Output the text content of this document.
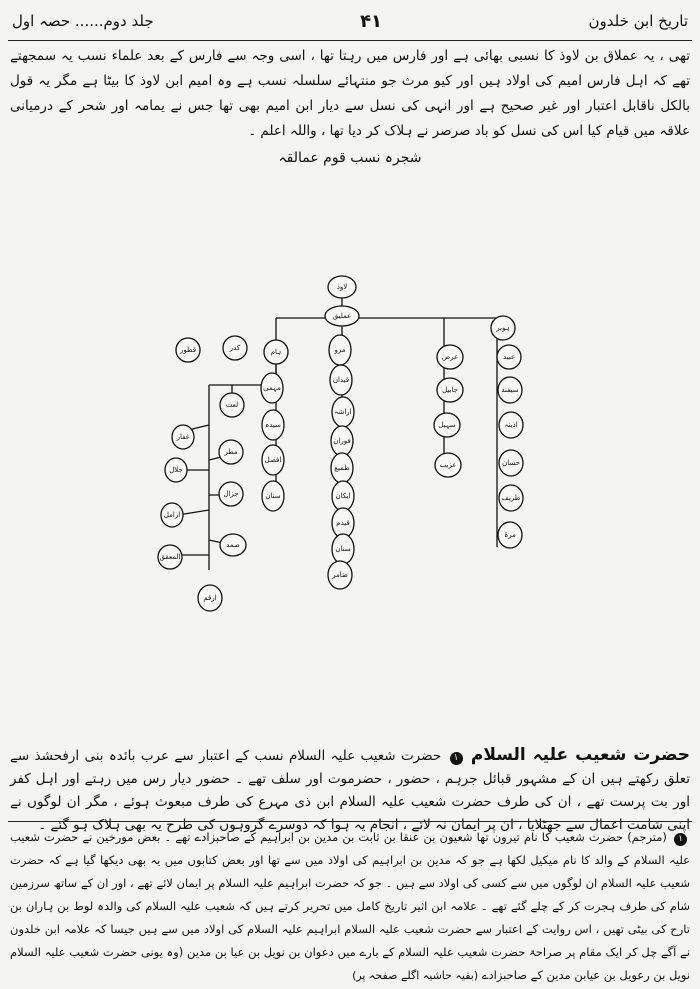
تاریخ ابن خلدون
۴۱
جلد دوم...... حصہ اول
تھی ، یہ عملاق بن لاوذ کا نسبی بھائی ہے اور فارس میں رہتا تھا ، اسی وجہ سے فارس کے بعد علماء نسب یہ سمجھتے تھے کہ اہل فارس امیم کی اولاد ہیں اور کیو مرث جو منتہائے سلسلہ نسب ہے وہ امیم ابن لاوذ کا بیٹا ہے مگر یہ قول بالکل ناقابل اعتبار اور غیر صحیح ہے اور انہی کی نسل سے دیار ابن امیم بھی تھا جس نے یمامہ اور شحر کے درمیانی علاقہ میں قیام کیا اس کی نسل کو باد صرصر نے ہلاک کر دیا تھا ، واللہ اعلم ۔
شجرہ نسب قوم عمالقہ
لاوذ
عملیق
ہوبر
عبید
سیفند
اذینہ
حسان
طریف
مرۃ
عرص
جابیل
سہیل
عزیب
مرو
قیدان
اراشہ
فوران
طمیع
ایکان
قیدم
سنان
ضامر
ہام
مہمی
سیدہ
افصل
سنان
لعت
غفار
مطر
جلال
جزال
ارامل
صمد
المعقق
ارقم
کدر
قطور
حضرت شعیب علیہ السلام ۱ حضرت شعیب علیہ السلام نسب کے اعتبار سے عرب بائدہ بنی ارفحشذ سے تعلق رکھتے ہیں ان کے مشہور قبائل جرہم ، حضور ، حضرموت اور سلف تھے ۔ حضور دیار رس میں رہتے اور اہل کفر اور بت پرست تھے ، ان کی طرف حضرت شعیب علیہ السلام ابن ذی مہرع کی طرف مبعوث ہوئے ، مگر ان لوگوں نے اپنی شامت اعمال سے جھٹلایا ، ان پر ایمان نہ لائے ، انجام یہ ہوا کہ دوسرے گروہوں کی طرح یہ بھی ہلاک ہو گئے ۔
۱ (مترجم) حضرت شعیب کا نام تیرون تھا شعیون بن عنقا بن ثابت بن مدین بن ابراہیم کے صاحبزادے تھے ۔ بعض مورخین نے حضرت شعیب علیہ السلام کے والد کا نام میکیل لکھا ہے جو کہ مدین بن ابراہیم کی اولاد میں سے تھا اور بعض کتابوں میں یہ بھی دیکھا گیا ہے کہ حضرت شعیب علیہ السلام ان لوگوں میں سے کسی کی اولاد سے ہیں ۔ جو کہ حضرت ابراہیم علیہ السلام پر ایمان لائے تھے ، اور ان کے ساتھ سرزمین شام کی طرف ہجرت کر کے چلے گئے تھے ۔ علامہ ابن اثیر تاریخ کامل میں تحریر کرتے ہیں کہ شعیب علیہ السلام کی والدہ لوط بن ہاران بن تارح کی بیٹی تھیں ، اس روایت کے اعتبار سے حضرت شعیب علیہ السلام ابراہیم علیہ السلام کی اولاد میں سے ہیں جیسا کہ علامہ ابن خلدون نے آگے چل کر ایک مقام پر صراحۃ حضرت شعیب علیہ السلام کے بارے میں دعوان بن نویل بن عیا بن مدین (وہ یونی حضرت شعیب علیہ السلام نویل بن رعویل بن عیابن مدین کے صاحبزادے (بقیہ حاشیہ اگلے صفحہ پر)
